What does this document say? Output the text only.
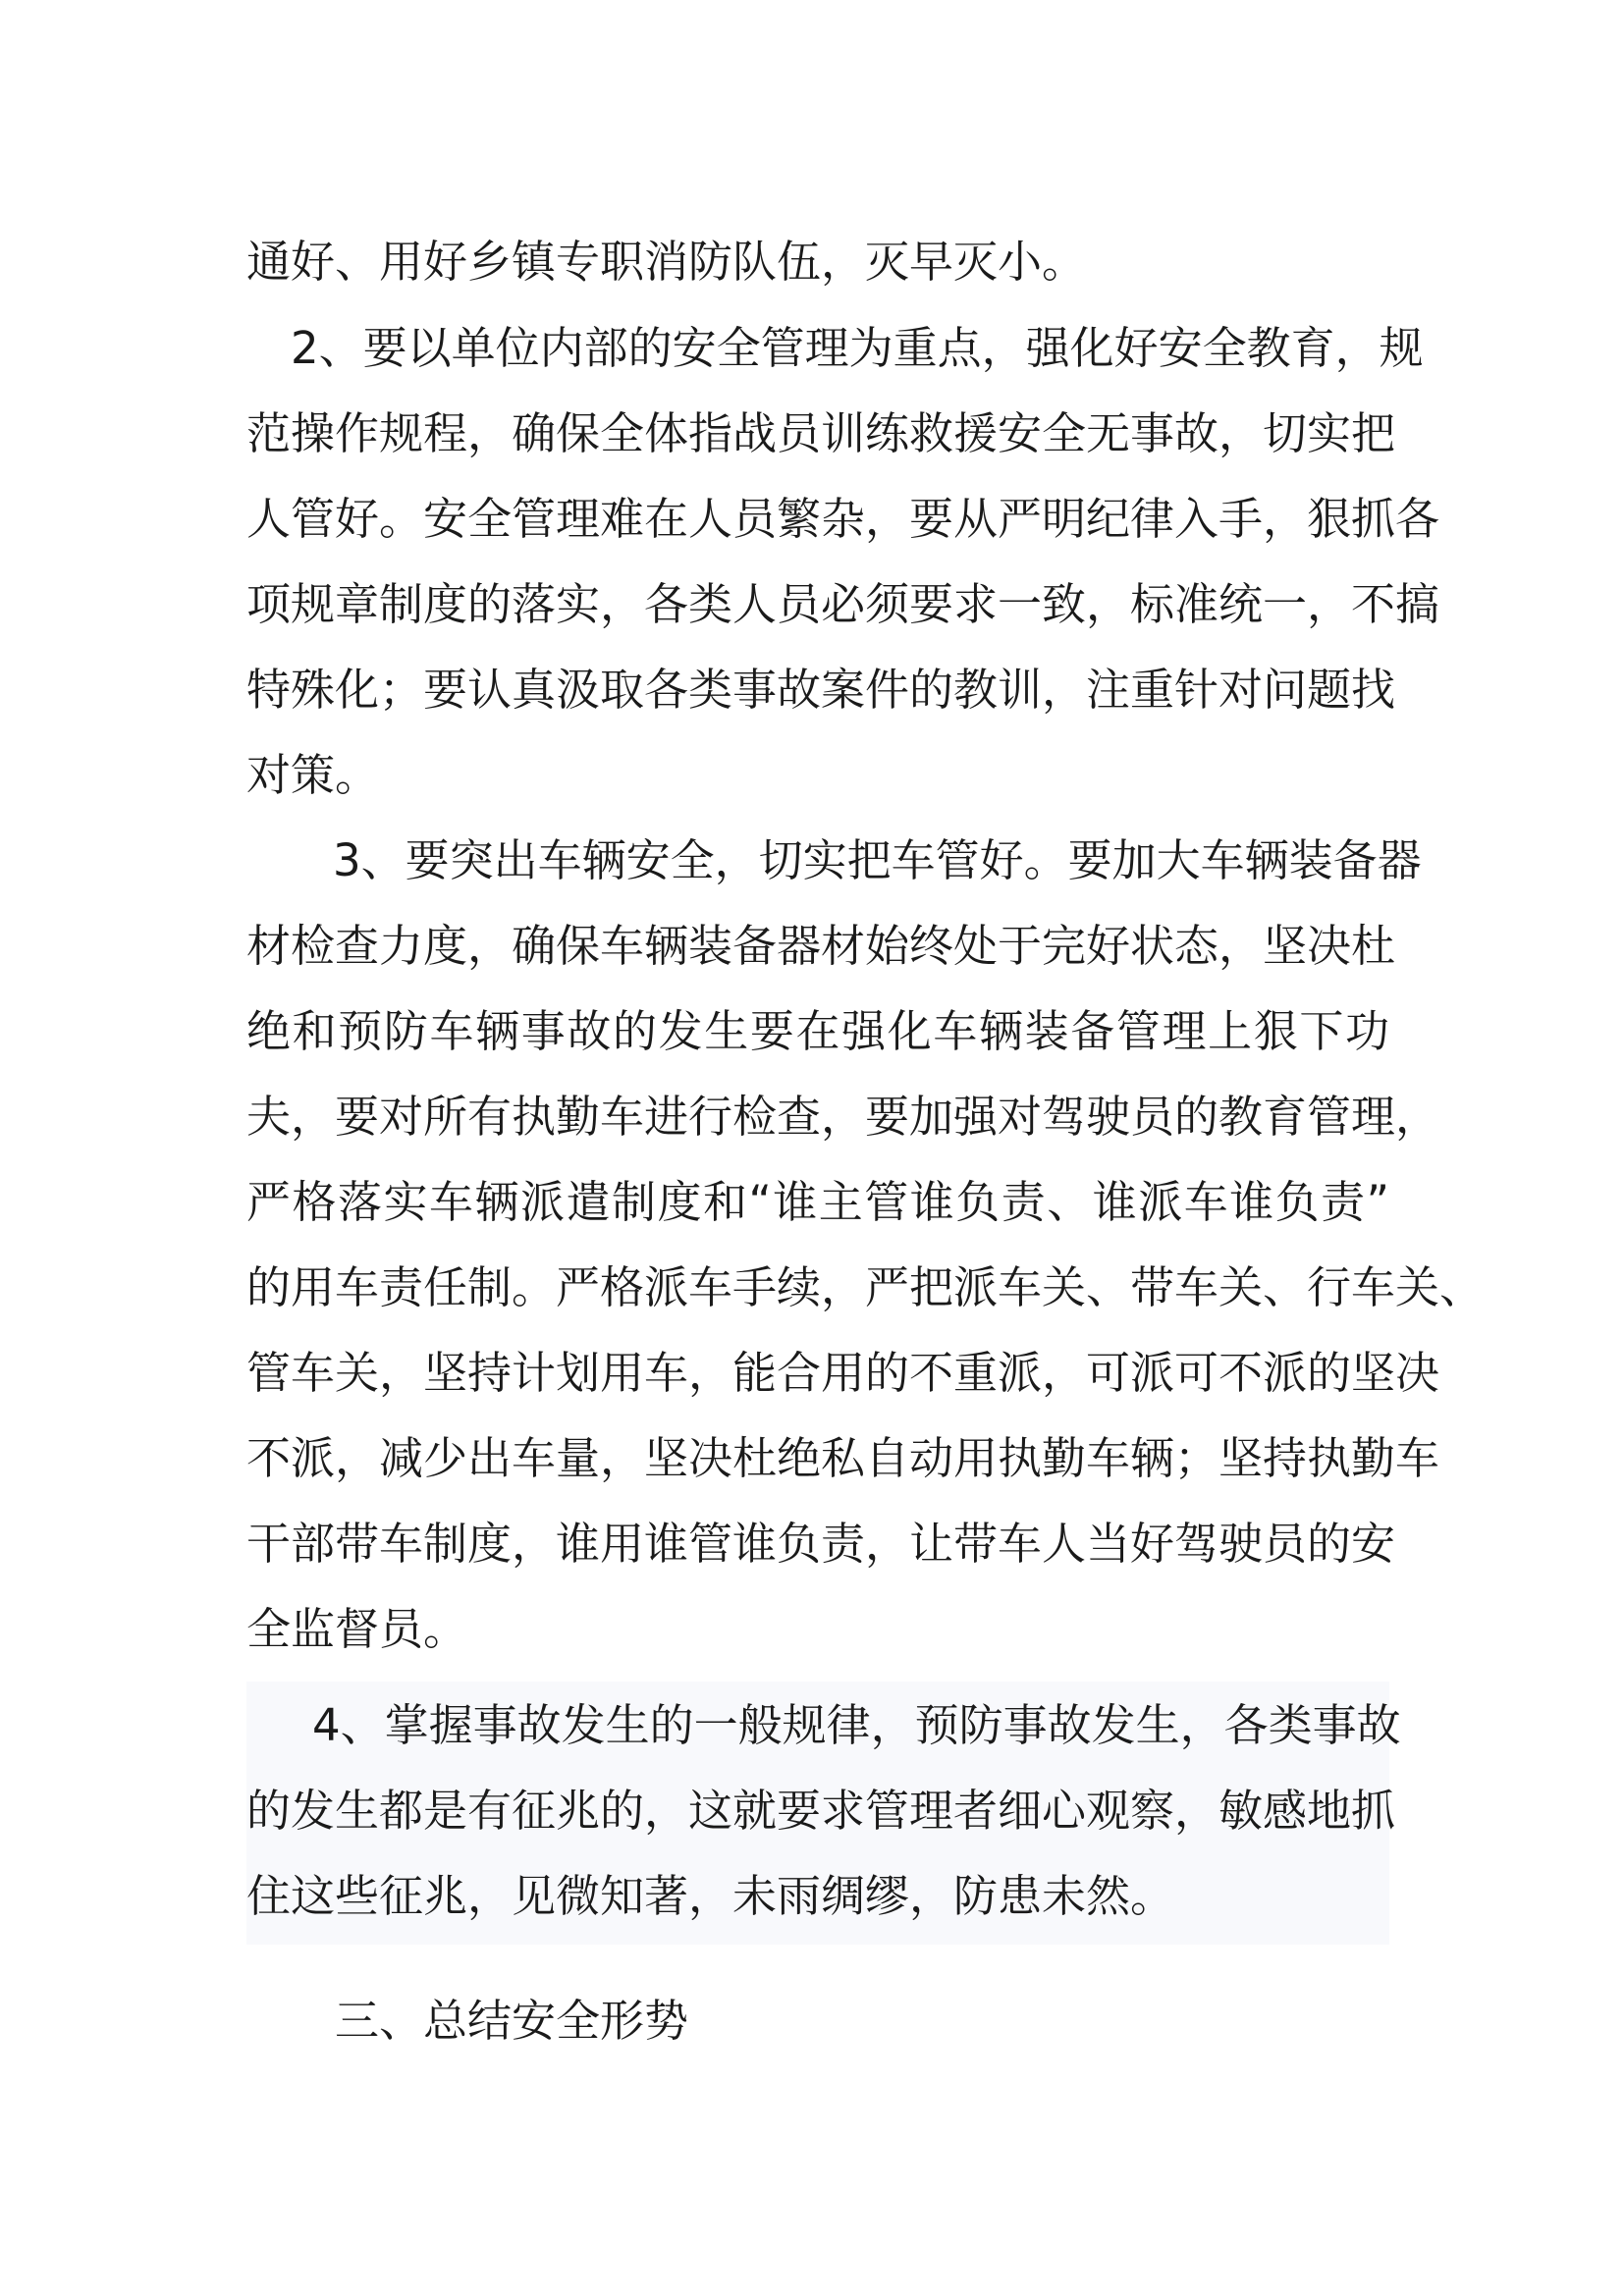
通好、用好乡镇专职消防队伍，灭早灭小。
2、要以单位内部的安全管理为重点，强化好安全教育，规
范操作规程，确保全体指战员训练救援安全无事故，切实把
人管好。安全管理难在人员繁杂，要从严明纪律入手，狠抓各
项规章制度的落实，各类人员必须要求一致，标准统一，不搞
特殊化；要认真汲取各类事故案件的教训，注重针对问题找
对策。
3、要突出车辆安全，切实把车管好。要加大车辆装备器
材检查力度，确保车辆装备器材始终处于完好状态，坚决杜
绝和预防车辆事故的发生要在强化车辆装备管理上狠下功
夫，要对所有执勤车进行检查，要加强对驾驶员的教育管理，
严格落实车辆派遣制度和“谁主管谁负责、谁派车谁负责”
的用车责任制。严格派车手续，严把派车关、带车关、行车关、
管车关，坚持计划用车，能合用的不重派，可派可不派的坚决
不派，减少出车量，坚决杜绝私自动用执勤车辆；坚持执勤车
干部带车制度，谁用谁管谁负责，让带车人当好驾驶员的安
全监督员。
4、掌握事故发生的一般规律，预防事故发生，各类事故
的发生都是有征兆的，这就要求管理者细心观察，敏感地抓
住这些征兆，见微知著，未雨绸缪，防患未然。
三、总结安全形势
